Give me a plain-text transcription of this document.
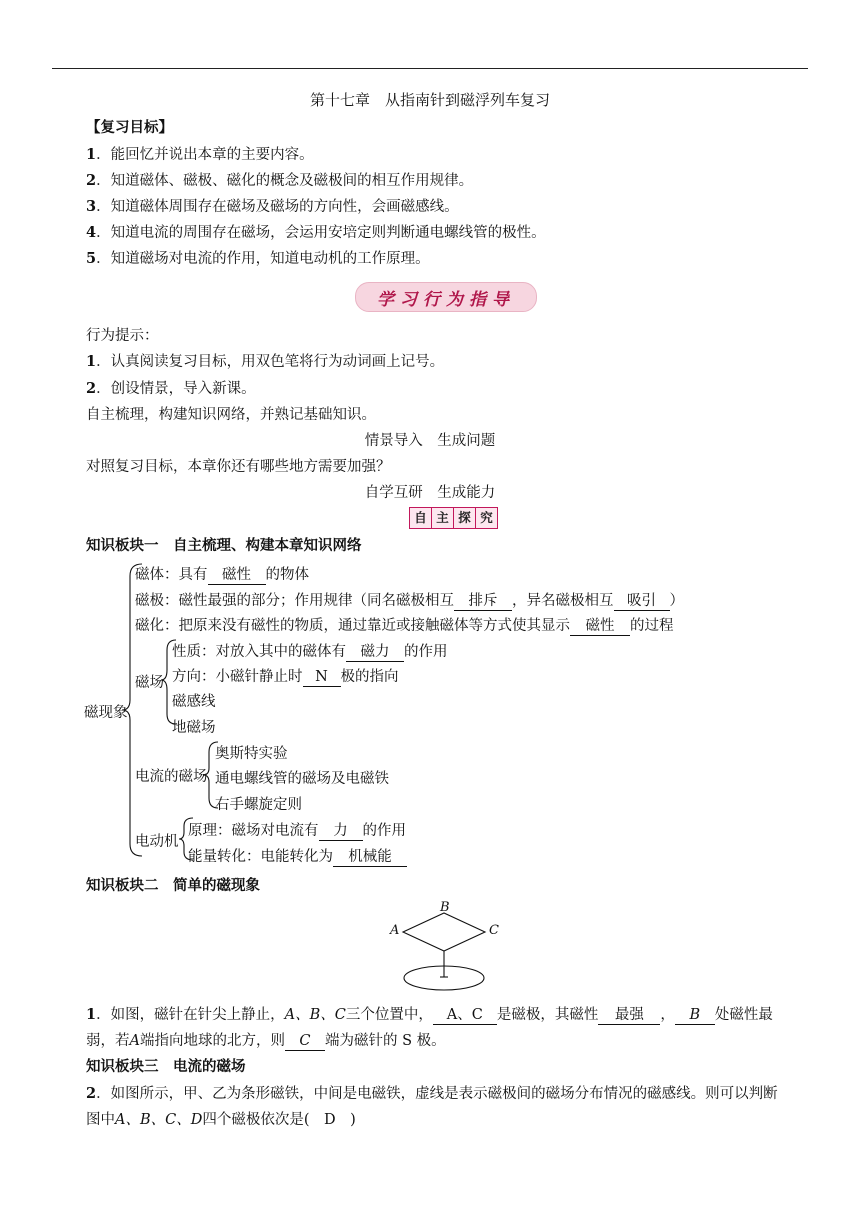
第十七章　从指南针到磁浮列车复习
【复习目标】
1．能回忆并说出本章的主要内容。
2．知道磁体、磁极、磁化的概念及磁极间的相互作用规律。
3．知道磁体周围存在磁场及磁场的方向性，会画磁感线。
4．知道电流的周围存在磁场，会运用安培定则判断通电螺线管的极性。
5．知道磁场对电流的作用，知道电动机的工作原理。
学习行为指导
行为提示：
1．认真阅读复习目标，用双色笔将行为动词画上记号。
2．创设情景，导入新课。
自主梳理，构建知识网络，并熟记基础知识。
情景导入　生成问题
对照复习目标，本章你还有哪些地方需要加强？
自学互研　生成能力
自 主 探 究
知识板块一　自主梳理、构建本章知识网络
磁现象
磁体：具有 磁性 的物体
磁极：磁性最强的部分；作用规律（同名磁极相互 排斥 ，异名磁极相互 吸引 ）
磁化：把原来没有磁性的物质，通过靠近或接触磁体等方式使其显示 磁性 的过程
磁场
性质：对放入其中的磁体有 磁力 的作用
方向：小磁针静止时 N 极的指向
磁感线
地磁场
电流的磁场
奥斯特实验
通电螺线管的磁场及电磁铁
右手螺旋定则
电动机
原理：磁场对电流有 力 的作用
能量转化：电能转化为 机械能
知识板块二　简单的磁现象
A
B
C
1．如图，磁针在针尖上静止，A、B、C三个位置中， A、C 是磁极，其磁性 最强 ， B 处磁性最
弱，若A端指向地球的北方，则 C 端为磁针的 S 极。
知识板块三　电流的磁场
2．如图所示，甲、乙为条形磁铁，中间是电磁铁，虚线是表示磁极间的磁场分布情况的磁感线。则可以判断
图中A、B、C、D四个磁极依次是(　D　)
